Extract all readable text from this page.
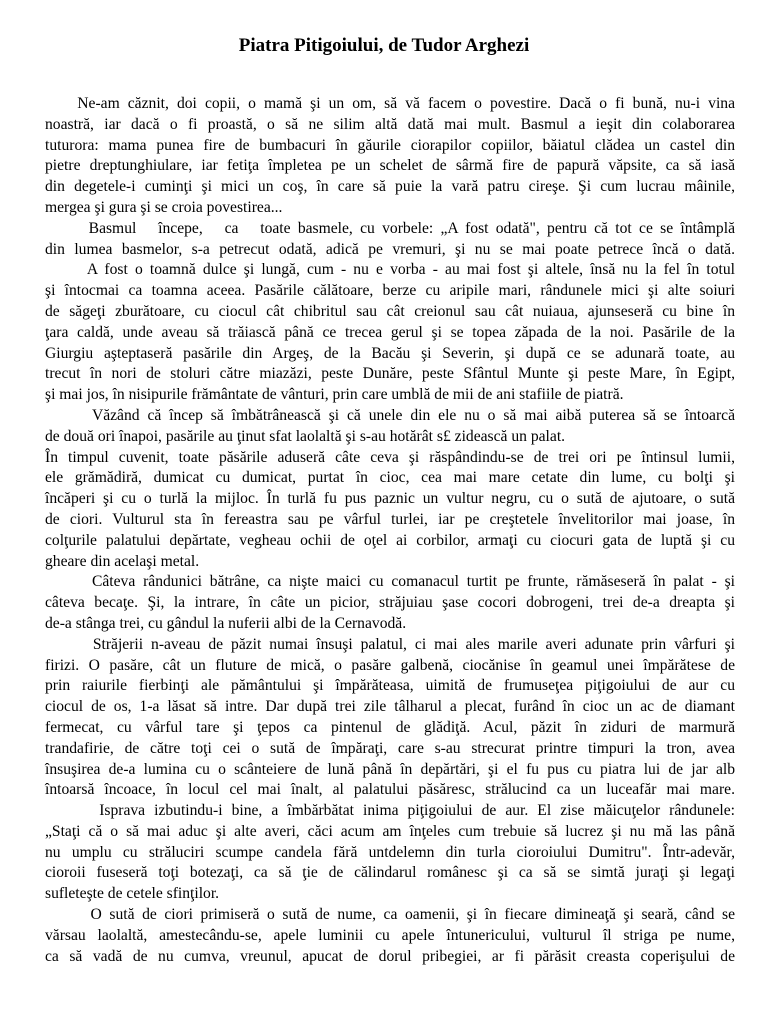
Piatra Pitigoiului, de Tudor Arghezi
Ne-am căznit, doi copii, o mamă şi un om, să vă facem o povestire. Dacă o fi bună, nu-i vina
noastră, iar dacă o fi proastă, o să ne silim altă dată mai mult. Basmul a ieşit din colaborarea
tuturora: mama punea fire de bumbacuri în găurile ciorapilor copiilor, băiatul clădea un castel din
pietre dreptunghiulare, iar fetiţa împletea pe un schelet de sârmă fire de papură văpsite, ca să iasă
din degetele-i cuminţi şi mici un coş, în care să puie la vară patru cireşe. Şi cum lucrau mâinile,
mergea şi gura şi se croia povestirea...
Basmul   începe,   ca   toate basmele, cu vorbele: „A fost odată", pentru că tot ce se întâmplă
din lumea basmelor, s-a petrecut odată, adică pe vremuri, şi nu se mai poate petrece încă o dată.
A fost o toamnă dulce şi lungă, cum - nu e vorba - au mai fost şi altele, însă nu la fel în totul
şi întocmai ca toamna aceea. Pasările călătoare, berze cu aripile mari, rândunele mici şi alte soiuri
de săgeţi zburătoare, cu ciocul cât chibritul sau cât creionul sau cât nuiaua, ajunseseră cu bine în
ţara caldă, unde aveau să trăiască până ce trecea gerul şi se topea zăpada de la noi. Pasările de la
Giurgiu aşteptaseră pasările din Argeş, de la Bacău şi Severin, şi după ce se adunară toate, au
trecut în nori de stoluri către miazăzi, peste Dunăre, peste Sfântul Munte şi peste Mare, în Egipt,
şi mai jos, în nisipurile frământate de vânturi, prin care umblă de mii de ani stafiile de piatră.
Văzând că încep să îmbătrânească şi că unele din ele nu o să mai aibă puterea să se întoarcă
de două ori înapoi, pasările au ţinut sfat laolaltă şi s-au hotărât s£ zidească un palat.
În timpul cuvenit, toate păsările aduseră câte ceva şi răspândindu-se de trei ori pe întinsul lumii,
ele grămădiră, dumicat cu dumicat, purtat în cioc, cea mai mare cetate din lume, cu bolţi şi
încăperi şi cu o turlă la mijloc. În turlă fu pus paznic un vultur negru, cu o sută de ajutoare, o sută
de ciori. Vulturul sta în fereastra sau pe vârful turlei, iar pe creştetele învelitorilor mai joase, în
colţurile palatului depărtate, vegheau ochii de oţel ai corbilor, armaţi cu ciocuri gata de luptă şi cu
gheare din acelaşi metal.
Câteva rândunici bătrâne, ca nişte maici cu comanacul turtit pe frunte, rămăseseră în palat - şi
câteva becaţe. Şi, la intrare, în câte un picior, străjuiau şase cocori dobrogeni, trei de-a dreapta şi
de-a stânga trei, cu gândul la nuferii albi de la Cernavodă.
Străjerii n-aveau de păzit numai însuşi palatul, ci mai ales marile averi adunate prin vârfuri şi
firizi. O pasăre, cât un fluture de mică, o pasăre galbenă, ciocănise în geamul unei împărătese de
prin raiurile fierbinţi ale pământului şi împărăteasa, uimită de frumuseţea piţigoiului de aur cu
ciocul de os, 1-a lăsat să intre. Dar după trei zile tâlharul a plecat, furând în cioc un ac de diamant
fermecat, cu vârful tare şi ţepos ca pintenul de glădiţă. Acul, păzit în ziduri de marmură
trandafirie, de către toţi cei o sută de împăraţi, care s-au strecurat printre timpuri la tron, avea
însuşirea de-a lumina cu o scânteiere de lună până în depărtări, şi el fu pus cu piatra lui de jar alb
întoarsă încoace, în locul cel mai înalt, al palatului păsăresc, strălucind ca un luceafăr mai mare.
Isprava izbutindu-i bine, a îmbărbătat inima piţigoiului de aur. El zise măicuţelor rândunele:
„Staţi că o să mai aduc şi alte averi, căci acum am înţeles cum trebuie să lucrez şi nu mă las până
nu umplu cu străluciri scumpe candela fără untdelemn din turla cioroiului Dumitru". Într-adevăr,
cioroii fuseseră toţi botezaţi, ca să ţie de călindarul românesc şi ca să se simtă juraţi şi legaţi
sufleteşte de cetele sfinţilor.
O sută de ciori primiseră o sută de nume, ca oamenii, şi în fiecare dimineaţă şi seară, când se
vărsau laolaltă, amestecându-se, apele luminii cu apele întunericului, vulturul îl striga pe nume,
ca să vadă de nu cumva, vreunul, apucat de dorul pribegiei, ar fi părăsit creasta coperişului de
